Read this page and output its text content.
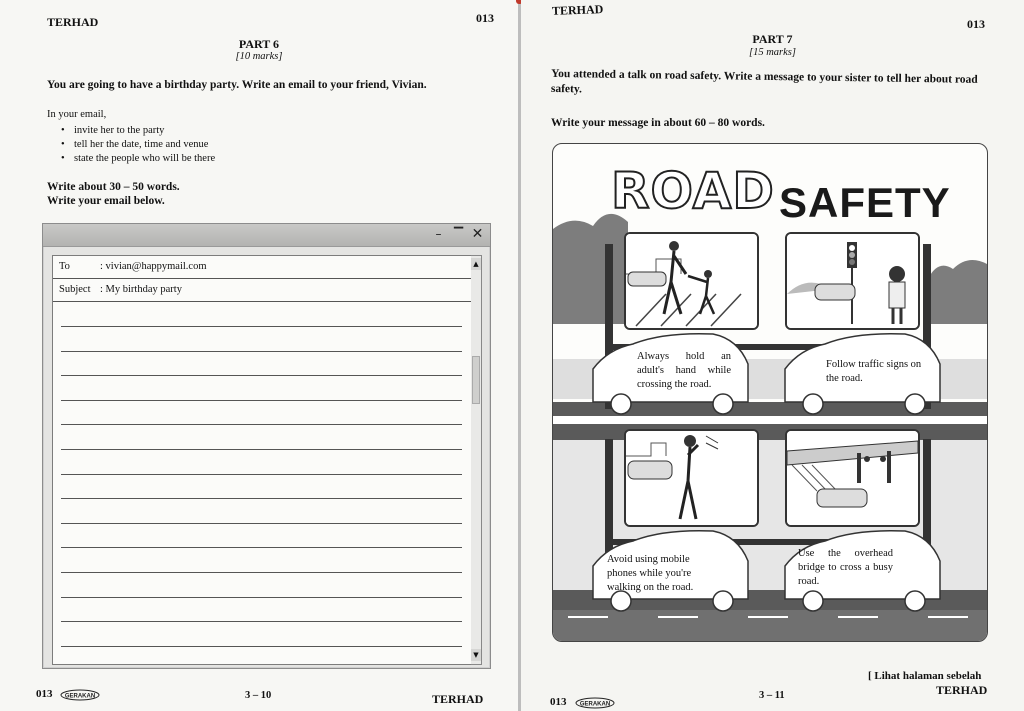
TERHAD	013
PART 6
[10 marks]

You are going to have a birthday party. Write an email to your friend, Vivian.

In your email,

• invite her to the party
• tell her the date, time and venue
• state the people who will be there

Write about 30 – 50 words.

Write your email below.

–	▔ ✕
To	: vivian@happymail.com
Subject : My birthday party
▲
▼
013 GERAKAN	3 – 10	TERHAD
TERHAD
013
PART 7
[15 marks]

You attended a talk on road safety. Write a message to your sister to tell her about road safety.

Write your message in about 60 – 80 words.

ROAD SAFETY

Always hold an adult's hand while crossing the road.

Follow traffic signs on the road.

Avoid using mobile phones while you're walking on the road.

Use the overhead bridge to cross a busy road.

[ Lihat halaman sebelah
TERHAD
013 GERAKAN
3 – 11
